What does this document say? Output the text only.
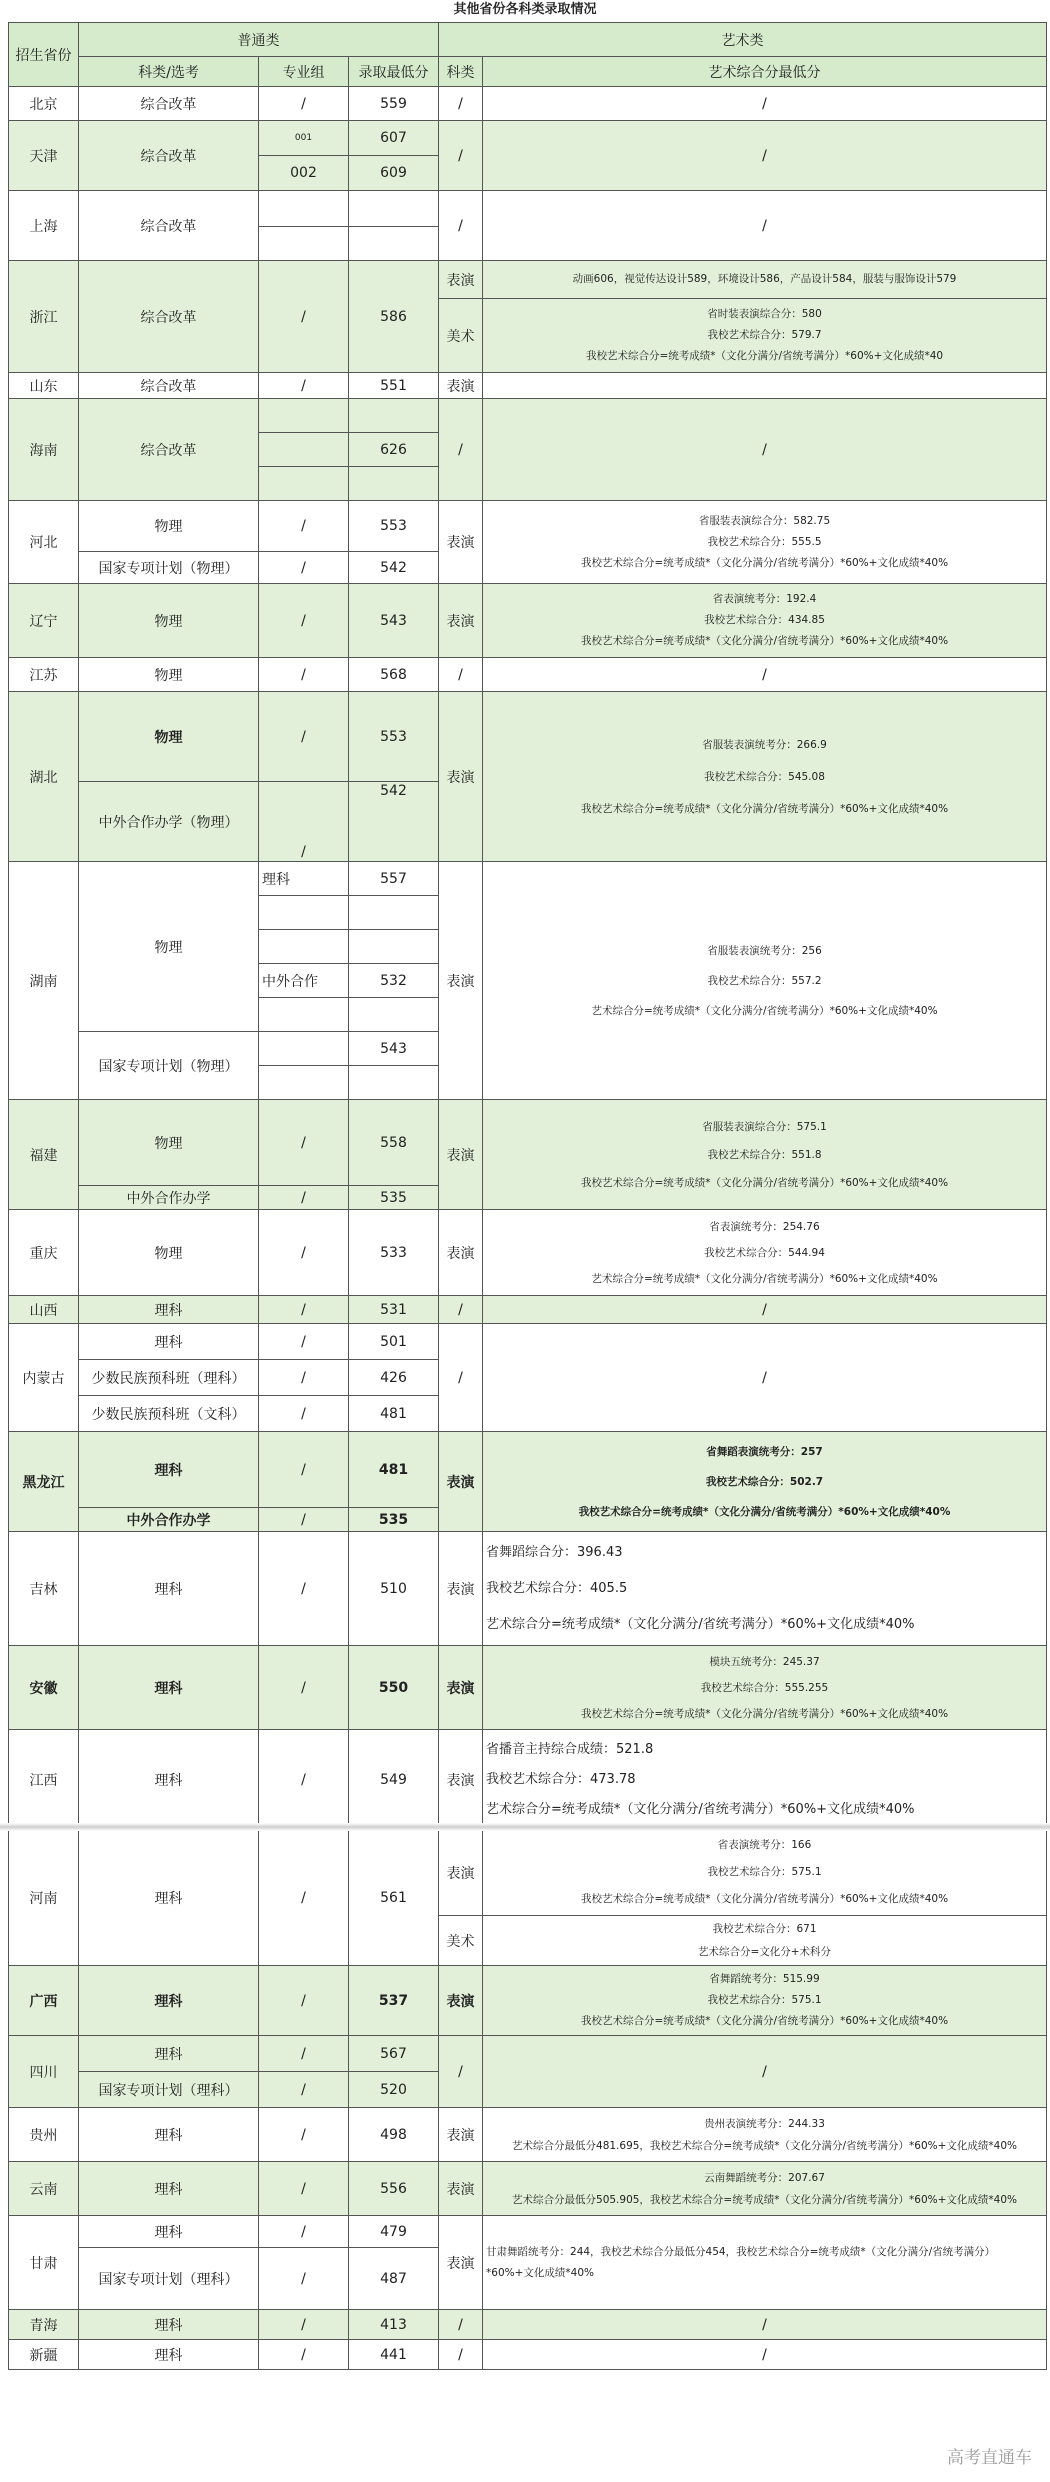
其他省份各科类录取情况
招生省份	普通类			艺术类	
	科类/选考	专业组	录取最低分	科类	艺术综合分最低分
北京	综合改革	/	559	/	/
天津	综合改革	001	607	/	/
		002	609		
上海	综合改革			/	/

浙江	综合改革	/	586	表演	动画606，视觉传达设计589，环境设计586，产品设计584，服装与服饰设计579
				美术	省时装表演综合分：580
我校艺术综合分：579.7
我校艺术综合分=统考成绩*（文化分满分/省统考满分）*60%+文化成绩*40

山东	综合改革	/	551	表演	
海南	综合改革			/	/
			626		

河北	物理	/	553	表演	省服装表演综合分：582.75
我校艺术综合分：555.5
我校艺术综合分=统考成绩*（文化分满分/省统考满分）*60%+文化成绩*40%

	国家专项计划（物理）	/	542		
辽宁	物理	/	543	表演	省表演统考分：192.4
我校艺术综合分：434.85
我校艺术综合分=统考成绩*（文化分满分/省统考满分）*60%+文化成绩*40%

江苏	物理	/	568	/	/
湖北	物理	/	553	表演	省服装表演统考分：266.9
我校艺术综合分：545.08
我校艺术综合分=统考成绩*（文化分满分/省统考满分）*60%+文化成绩*40%

	中外合作办学（物理）	/	542		
湖南	物理	理科	557	表演	省服装表演统考分：256
我校艺术综合分：557.2
艺术综合分=统考成绩*（文化分满分/省统考满分）*60%+文化成绩*40%

		中外合作	532		

	国家专项计划（物理）		543		

福建	物理	/	558	表演	省服装表演综合分：575.1
我校艺术综合分：551.8
我校艺术综合分=统考成绩*（文化分满分/省统考满分）*60%+文化成绩*40%

	中外合作办学	/	535		
重庆	物理	/	533	表演	省表演统考分：254.76
我校艺术综合分：544.94
艺术综合分=统考成绩*（文化分满分/省统考满分）*60%+文化成绩*40%

山西	理科	/	531	/	/
内蒙古	理科	/	501	/	/
	少数民族预科班（理科）	/	426		
	少数民族预科班（文科）	/	481		
黑龙江	理科	/	481	表演	省舞蹈表演统考分：257
我校艺术综合分：502.7
我校艺术综合分=统考成绩*（文化分满分/省统考满分）*60%+文化成绩*40%

	中外合作办学	/	535		
吉林	理科	/	510	表演	省舞蹈综合分：396.43
我校艺术综合分：405.5
艺术综合分=统考成绩*（文化分满分/省统考满分）*60%+文化成绩*40%

安徽	理科	/	550	表演	模块五统考分：245.37
我校艺术综合分：555.255
我校艺术综合分=统考成绩*（文化分满分/省统考满分）*60%+文化成绩*40%

江西	理科	/	549	表演	省播音主持综合成绩：521.8
我校艺术综合分：473.78
艺术综合分=统考成绩*（文化分满分/省统考满分）*60%+文化成绩*40%

河南	理科	/	561	表演	省表演统考分：166
我校艺术综合分：575.1
我校艺术综合分=统考成绩*（文化分满分/省统考满分）*60%+文化成绩*40%

				美术	我校艺术综合分：671
艺术综合分=文化分+术科分

广西	理科	/	537	表演	省舞蹈统考分：515.99
我校艺术综合分：575.1
我校艺术综合分=统考成绩*（文化分满分/省统考满分）*60%+文化成绩*40%

四川	理科	/	567	/	/
	国家专项计划（理科）	/	520		
贵州	理科	/	498	表演	贵州表演统考分：244.33
艺术综合分最低分481.695，我校艺术综合分=统考成绩*（文化分满分/省统考满分）*60%+文化成绩*40%

云南	理科	/	556	表演	云南舞蹈统考分：207.67
艺术综合分最低分505.905，我校艺术综合分=统考成绩*（文化分满分/省统考满分）*60%+文化成绩*40%

甘肃	理科	/	479	表演	甘肃舞蹈统考分：244，我校艺术综合分最低分454，我校艺术综合分=统考成绩*（文化分满分/省统考满分）*60%+文化成绩*40%
	国家专项计划（理科）	/	487		
青海	理科	/	413	/	/
新疆	理科	/	441	/	/
高考直通车
